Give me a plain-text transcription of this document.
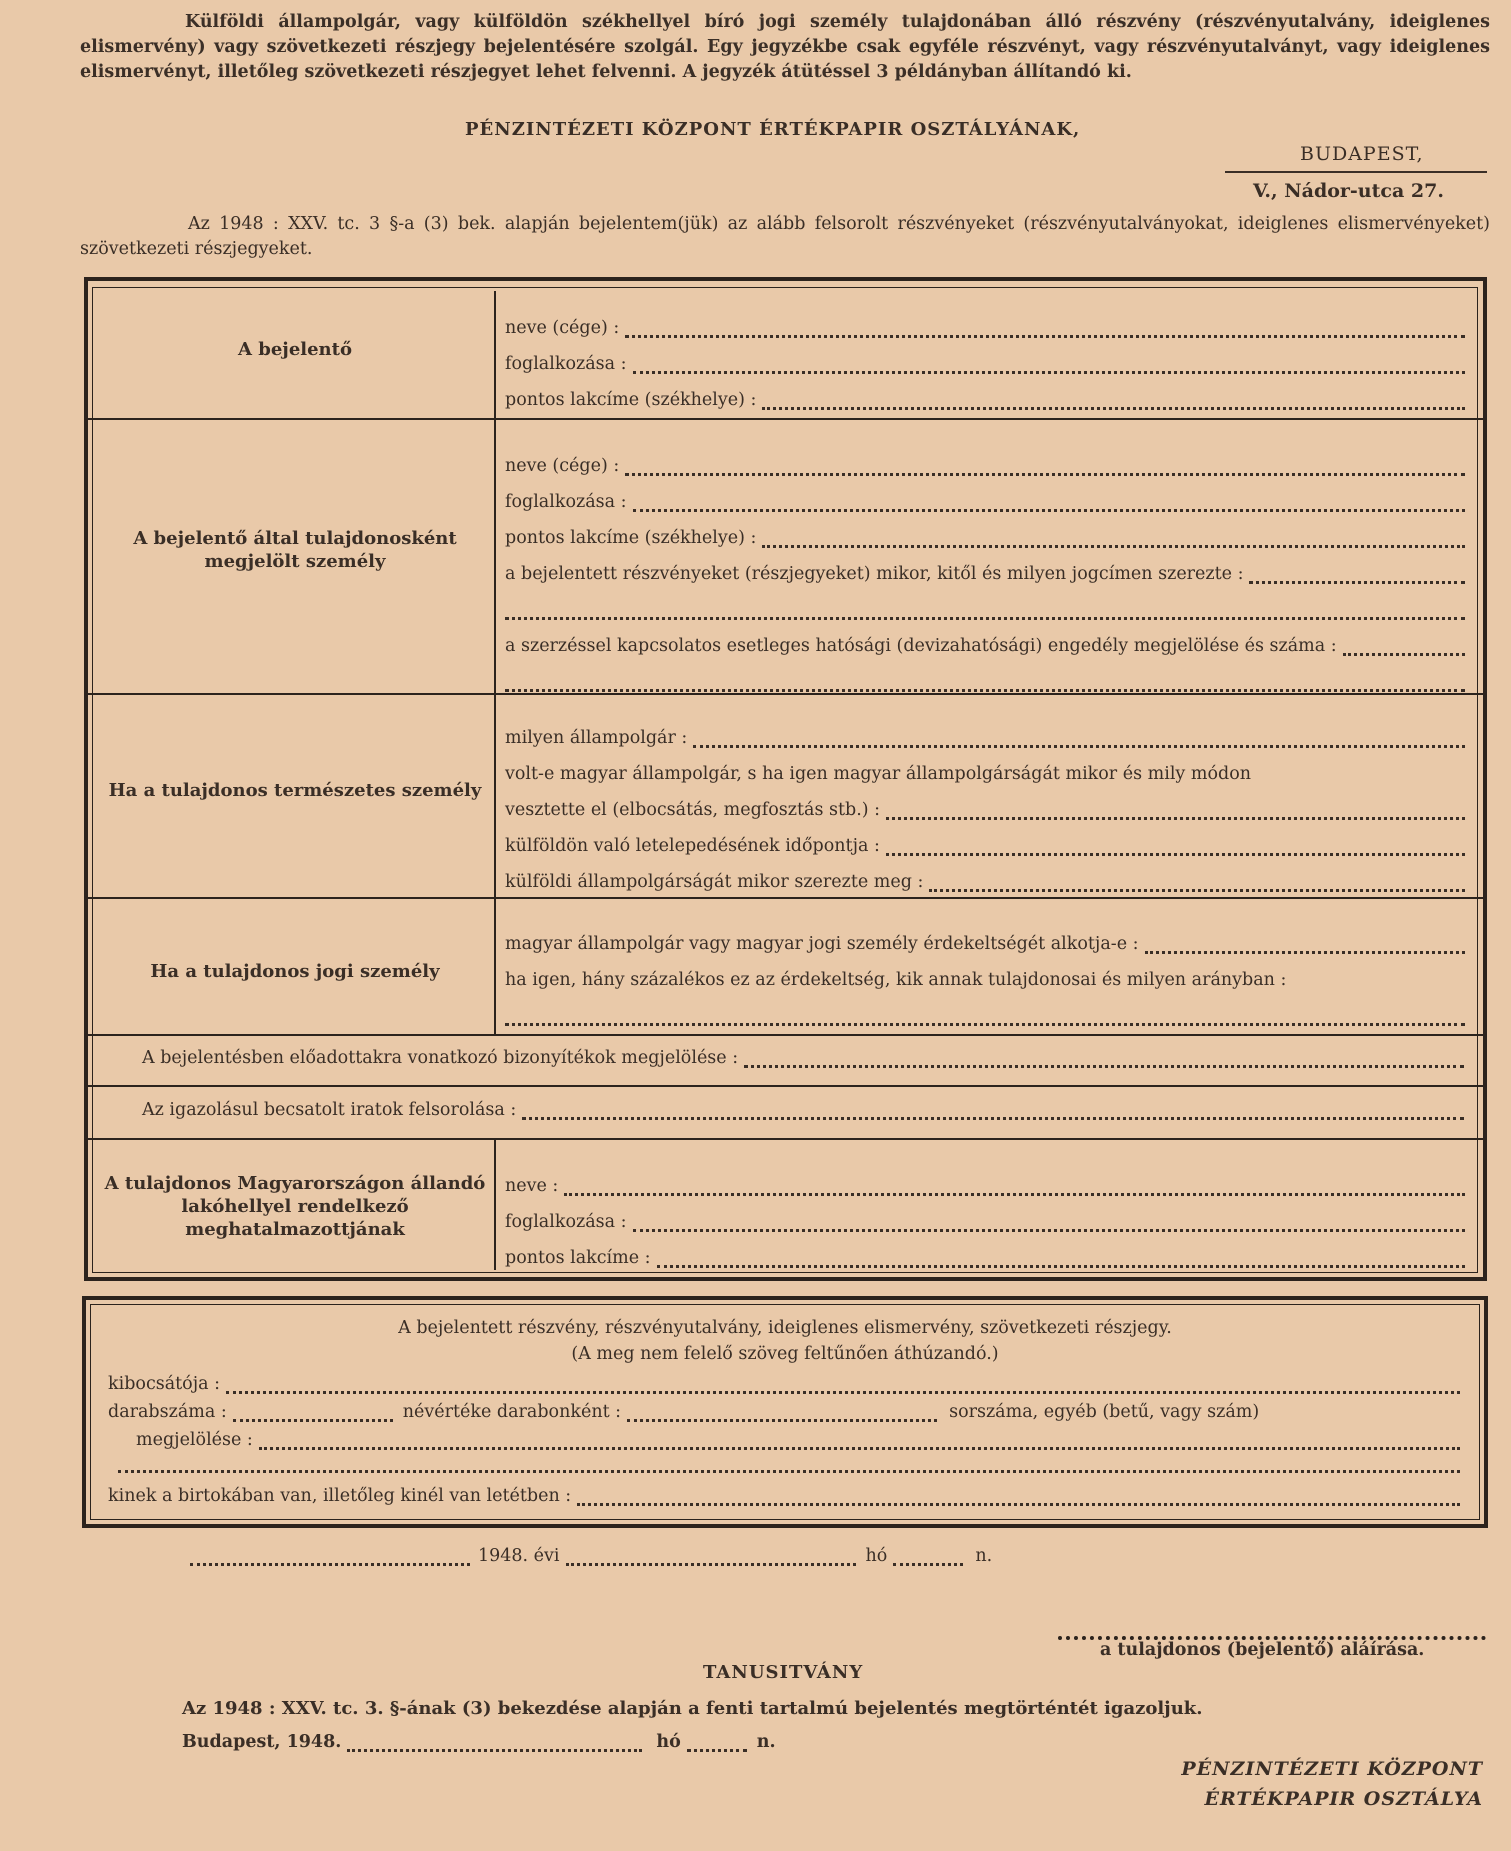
Külföldi állampolgár, vagy külföldön székhellyel bíró jogi személy tulajdonában álló részvény (részvényutalvány, ideiglenes elismervény) vagy szövetkezeti részjegy bejelentésére szolgál. Egy jegyzékbe csak egyféle részvényt, vagy részvényutalványt, vagy ideiglenes elismervényt, illetőleg szövetkezeti részjegyet lehet felvenni. A jegyzék átütéssel 3 példányban állítandó ki.
PÉNZINTÉZETI KÖZPONT ÉRTÉKPAPIR OSZTÁLYÁNAK,
BUDAPEST,
V., Nádor-utca 27.
Az 1948 : XXV. tc. 3 §-a (3) bek. alapján bejelentem(jük) az alább felsorolt részvényeket (részvényutalványokat, ideiglenes elismervényeket) szövetkezeti részjegyeket.
A bejelentő
neve (cége) :
foglalkozása :
pontos lakcíme (székhelye) :
A bejelentő által tulajdonosként megjelölt személy
neve (cége) :
foglalkozása :
pontos lakcíme (székhelye) :
a bejelentett részvényeket (részjegyeket) mikor, kitől és milyen jogcímen szerezte :
a szerzéssel kapcsolatos esetleges hatósági (devizahatósági) engedély megjelölése és száma :
Ha a tulajdonos természetes személy
milyen állampolgár :
volt-e magyar állampolgár, s ha igen magyar állampolgárságát mikor és mily módon
vesztette el (elbocsátás, megfosztás stb.) :
külföldön való letelepedésének időpontja :
külföldi állampolgárságát mikor szerezte meg :
Ha a tulajdonos jogi személy
magyar állampolgár vagy magyar jogi személy érdekeltségét alkotja-e :
ha igen, hány százalékos ez az érdekeltség, kik annak tulajdonosai és milyen arányban :
A bejelentésben előadottakra vonatkozó bizonyítékok megjelölése :
Az igazolásul becsatolt iratok felsorolása :
A tulajdonos Magyarországon állandó lakóhellyel rendelkező meghatalmazottjának
neve :
foglalkozása :
pontos lakcíme :
A bejelentett részvény, részvényutalvány, ideiglenes elismervény, szövetkezeti részjegy.
(A meg nem felelő szöveg feltűnően áthúzandó.)
kibocsátója :
darabszáma :	névértéke darabonként :	sorszáma, egyéb (betű, vagy szám)
megjelölése :
kinek a birtokában van, illetőleg kinél van letétben :
1948. évi	hó	n.
a tulajdonos (bejelentő) aláírása.
TANUSITVÁNY
Az 1948 : XXV. tc. 3. §-ának (3) bekezdése alapján a fenti tartalmú bejelentés megtörténtét igazoljuk.
Budapest, 1948.	hó	n.
PÉNZINTÉZETI KÖZPONT
ÉRTÉKPAPIR OSZTÁLYA
